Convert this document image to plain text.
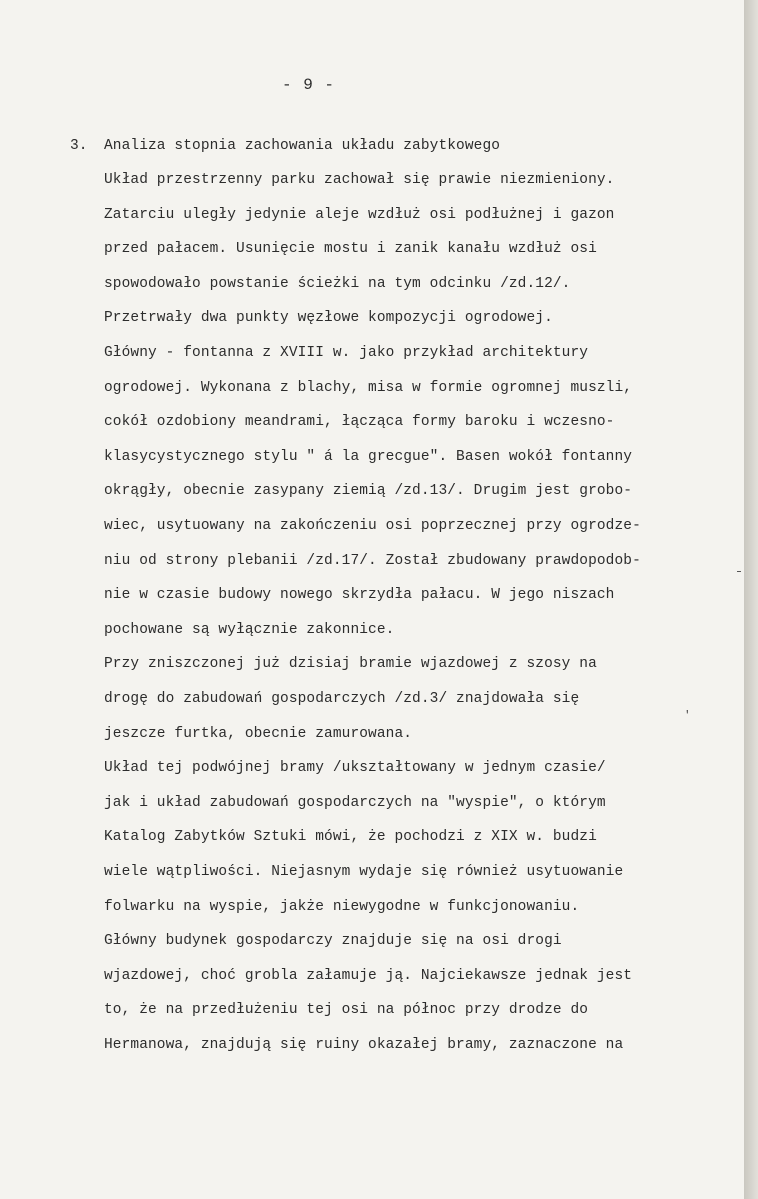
- 9 -
3. Analiza stopnia zachowania układu zabytkowego
Układ przestrzenny parku zachował się prawie niezmieniony.
Zatarciu uległy jedynie aleje wzdłuż osi podłużnej i gazon
przed pałacem. Usunięcie mostu i zanik kanału wzdłuż osi
spowodowało powstanie ścieżki na tym odcinku /zd.12/.
Przetrwały dwa punkty węzłowe kompozycji ogrodowej.
Główny - fontanna z XVIII w. jako przykład architektury
ogrodowej. Wykonana z blachy, misa w formie ogromnej muszli,
cokół ozdobiony meandrami, łącząca formy baroku i wczesno-
klasycystycznego stylu " á la grecgue". Basen wokół fontanny
okrągły, obecnie zasypany ziemią /zd.13/. Drugim jest grobo-
wiec, usytuowany na zakończeniu osi poprzecznej przy ogrodze-
niu od strony plebanii /zd.17/. Został zbudowany prawdopodob-
nie w czasie budowy nowego skrzydła pałacu. W jego niszach
pochowane są wyłącznie zakonnice.
Przy zniszczonej już dzisiaj bramie wjazdowej z szosy na
drogę do zabudowań gospodarczych /zd.3/ znajdowała się
jeszcze furtka, obecnie zamurowana.
Układ tej podwójnej bramy /ukształtowany w jednym czasie/
jak i układ zabudowań gospodarczych na "wyspie", o którym
Katalog Zabytków Sztuki mówi, że pochodzi z XIX w. budzi
wiele wątpliwości. Niejasnym wydaje się również usytuowanie
folwarku na wyspie, jakże niewygodne w funkcjonowaniu.
Główny budynek gospodarczy znajduje się na osi drogi
wjazdowej, choć grobla załamuje ją. Najciekawsze jednak jest
to, że na przedłużeniu tej osi na północ przy drodze do
Hermanowa, znajdują się ruiny okazałej bramy, zaznaczone na
′
